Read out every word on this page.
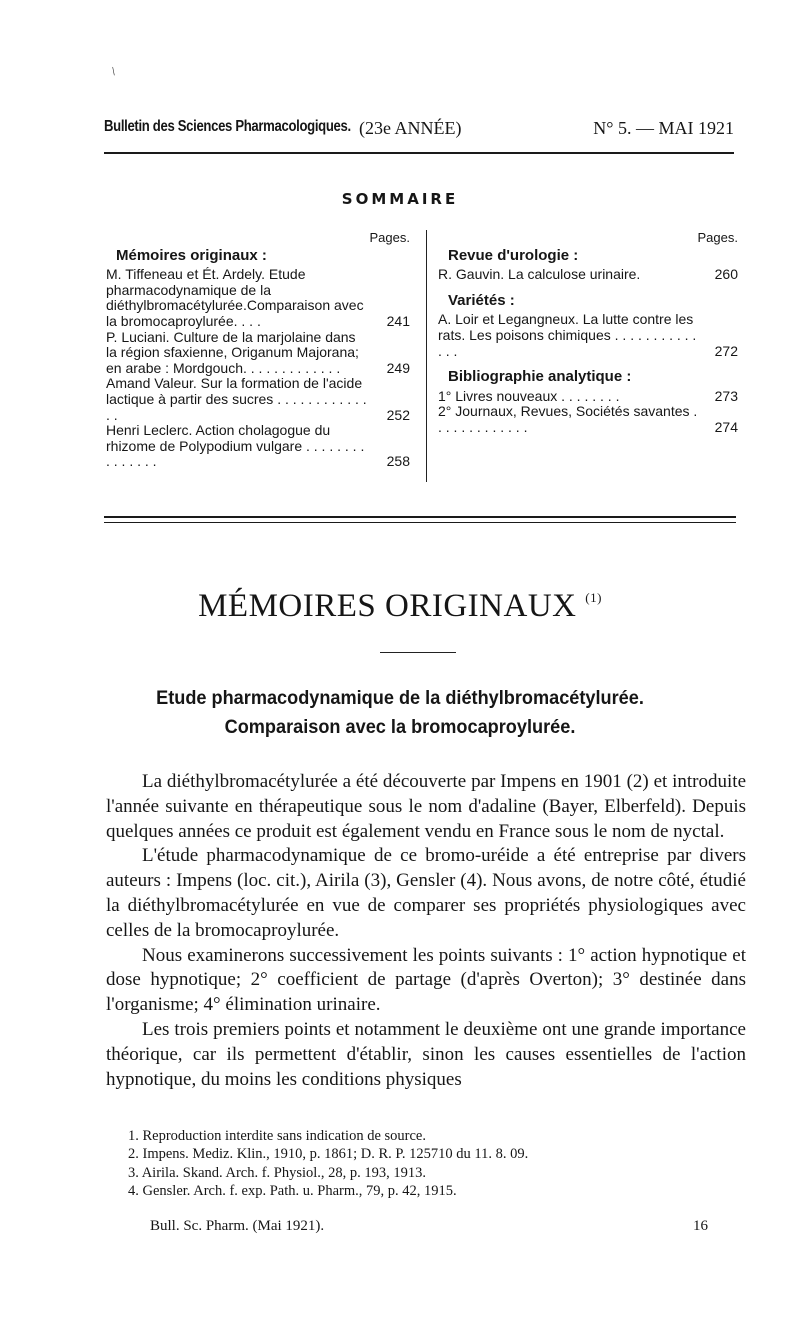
/
Bulletin des Sciences Pharmacologiques. (23e ANNÉE)	N° 5. — MAI 1921
SOMMAIRE
Pages.
Mémoires originaux :
M. Tiffeneau et Ét. Ardely. Etude pharmacodynamique de la diéthylbromacétylurée.Comparaison avec la bromocaproylurée. . . .	241
P. Luciani. Culture de la marjolaine dans la région sfaxienne, Origanum Majorana; en arabe : Mordgouch. . . . . . . . . . . . .	249
Amand Valeur. Sur la formation de l'acide lactique à partir des sucres . . . . . . . . . . . . . .	252
Henri Leclerc. Action cholagogue du rhizome de Polypodium vulgare . . . . . . . . . . . . . . .	258
Pages.
Revue d'urologie :
R. Gauvin. La calculose urinaire.	260
Variétés :
A. Loir et Legangneux. La lutte contre les rats. Les poisons chimiques . . . . . . . . . . . . . .	272
Bibliographie analytique :
1° Livres nouveaux . . . . . . . .	273
2° Journaux, Revues, Sociétés savantes . . . . . . . . . . . . .	274
MÉMOIRES ORIGINAUX $^{(1)}$
Etude pharmacodynamique de la diéthylbromacétylurée.
Comparaison avec la bromocaproylurée.

La diéthylbromacétylurée a été découverte par Impens en 1901 (2) et introduite l'année suivante en thérapeutique sous le nom d'adaline (Bayer, Elberfeld). Depuis quelques années ce produit est également vendu en France sous le nom de nyctal.

L'étude pharmacodynamique de ce bromo-uréide a été entreprise par divers auteurs : Impens (loc. cit.), Airila (3), Gensler (4). Nous avons, de notre côté, étudié la diéthylbromacétylurée en vue de comparer ses propriétés physiologiques avec celles de la bromocaproylurée.

Nous examinerons successivement les points suivants : 1° action hypnotique et dose hypnotique; 2° coefficient de partage (d'après Overton); 3° destinée dans l'organisme; 4° élimination urinaire.

Les trois premiers points et notamment le deuxième ont une grande importance théorique, car ils permettent d'établir, sinon les causes essentielles de l'action hypnotique, du moins les conditions physiques

1. Reproduction interdite sans indication de source.
2. Impens. Mediz. Klin., 1910, p. 1861; D. R. P. 125710 du 11. 8. 09.
3. Airila. Skand. Arch. f. Physiol., 28, p. 193, 1913.
4. Gensler. Arch. f. exp. Path. u. Pharm., 79, p. 42, 1915.
Bull. Sc. Pharm. (Mai 1921).	16
